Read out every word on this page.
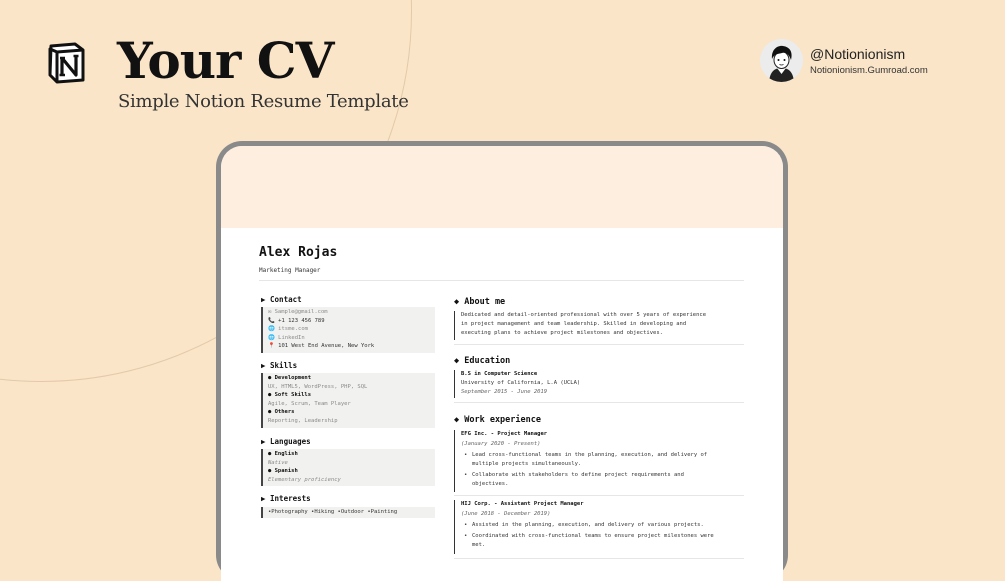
Your CV
Simple Notion Resume Template
@Notionionism
Notionionism.Gumroad.com
Alex Rojas
Marketing Manager
▶ Contact
✉ Sample@gmail.com
📞 +1 123 456 789
🌐 itsme.com
🌐 LinkedIn
📍 101 West End Avenue, New York
▶ Skills
● Development
UX, HTML5, WordPress, PHP, SQL
● Soft Skills
Agile, Scrum, Team Player
● Others
Reporting, Leadership
▶ Languages
● English
Native
● Spanish
Elementary proficiency
▶ Interests
•Photography •Hiking •Outdoor •Painting
◆ About me
Dedicated and detail-oriented professional with over 5 years of experience
in project management and team leadership. Skilled in developing and
executing plans to achieve project milestones and objectives.
◆ Education
B.S in Computer Science
University of California, L.A (UCLA)
September 2015 - June 2019
◆ Work experience
EFG Inc. - Project Manager
(January 2020 - Present)
• Lead cross-functional teams in the planning, execution, and delivery of
multiple projects simultaneously.
• Collaborate with stakeholders to define project requirements and
objectives.
HIJ Corp. - Assistant Project Manager
(June 2018 - December 2019)
• Assisted in the planning, execution, and delivery of various projects.
• Coordinated with cross-functional teams to ensure project milestones were
met.
